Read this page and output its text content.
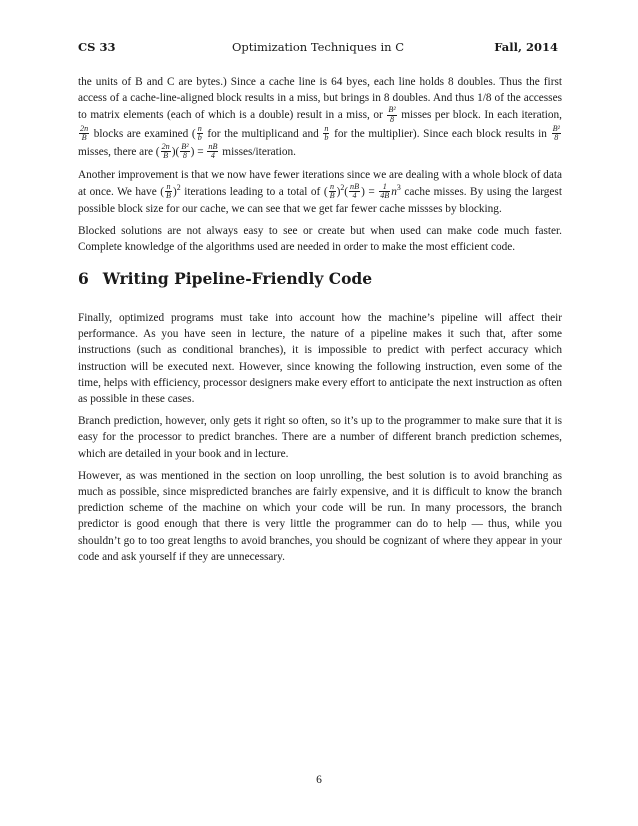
CS 33	Optimization Techniques in C	Fall, 2014

the units of B and C are bytes.) Since a cache line is 64 byes, each line holds 8 doubles. Thus the first access of a cache-line-aligned block results in a miss, but brings in 8 doubles. And thus 1/8 of the accesses to matrix elements (each of which is a double) result in a miss, or $\frac{\text{B²}}{8}$ misses per block. In each iteration,
$\frac{2n}{B}$ blocks are examined ( $\frac{n}{b}$ for the multiplicand and $\frac{n}{b}$ for the multiplier). Since each block results in $\frac{\text{B²}}{8}$
misses, there are ( $\frac{2n}{B}$ )( $\frac{\text{B²}}{8}$ ) = $\frac{nB}{4}$ misses/iteration.

Another improvement is that we now have fewer iterations since we are dealing with a whole block of data at once. We have ( $\frac{n}{B} )^2$ iterations leading to a total of ( $\frac{n}{B} )^2( \frac{nB}{4}$ ) = $\frac{1}{4B} n^3$ cache misses. By using the largest possible block size for our cache, we can see that we get far fewer cache missses by blocking.

Blocked solutions are not always easy to see or create but when used can make code much faster. Complete knowledge of the algorithms used are needed in order to make the most efficient code.

6 Writing Pipeline-Friendly Code

Finally, optimized programs must take into account how the machine’s pipeline will affect their performance. As you have seen in lecture, the nature of a pipeline makes it such that, after some instructions (such as conditional branches), it is impossible to predict with perfect accuracy which instruction will be executed next. However, since knowing the following instruction, even some of the time, helps with efficiency, processor designers make every effort to anticipate the next instruction as often as possible in these cases.

Branch prediction, however, only gets it right so often, so it’s up to the programmer to make sure that it is easy for the processor to predict branches. There are a number of different branch prediction schemes, which are detailed in your book and in lecture.

However, as was mentioned in the section on loop unrolling, the best solution is to avoid branching as much as possible, since mispredicted branches are fairly expensive, and it is difficult to know the branch prediction scheme of the machine on which your code will be run. In many processors, the branch predictor is good enough that there is very little the programmer can do to help — thus, while you shouldn’t go to too great lengths to avoid branches, you should be cognizant of where they appear in your code and ask yourself if they are unnecessary.

6
